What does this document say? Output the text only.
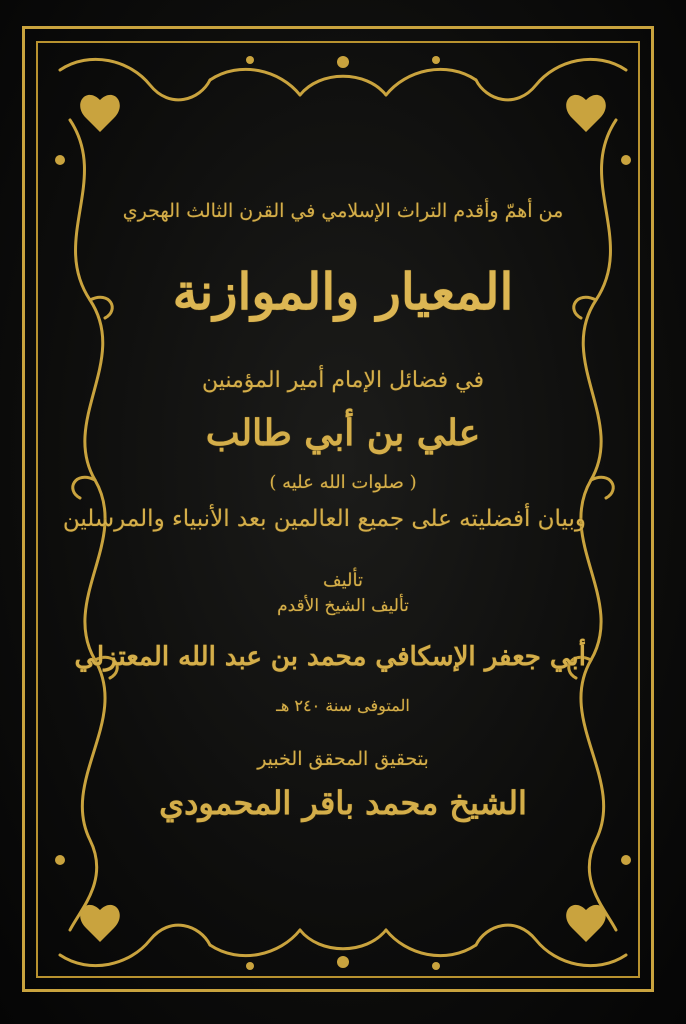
من أهمّ وأقدم التراث الإسلامي في القرن الثالث الهجري
المعيار والموازنة
في فضائل الإمام أمير المؤمنين
علي بن أبي طالب
( صلوات الله عليه )
وبيان أفضليته على جميع العالمين بعد الأنبياء والمرسلين
تأليف
تأليف الشيخ الأقدم
أبي جعفر الإسكافي محمد بن عبد الله المعتزلي
المتوفى سنة ٢٤٠ هـ
بتحقيق المحقق الخبير
الشيخ محمد باقر المحمودي
